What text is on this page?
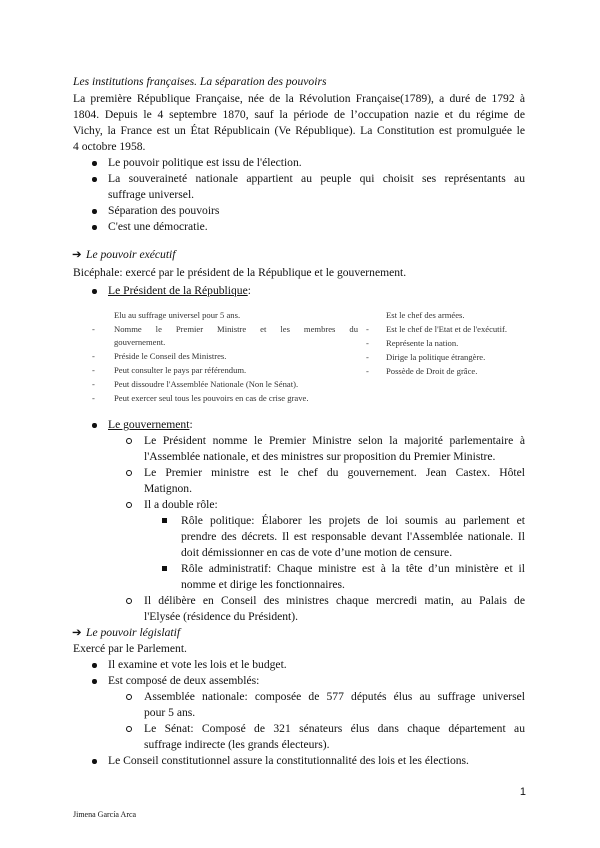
Les institutions françaises. La séparation des pouvoirs
La première République Française, née de la Révolution Française(1789), a duré de 1792 à
1804. Depuis le 4 septembre 1870, sauf la période de l’occupation nazie et du régime de
Vichy, la France est un État Républicain (Ve République). La Constitution est promulguée le
4 octobre 1958.
Le pouvoir politique est issu de l'élection.
La souveraineté nationale appartient au peuple qui choisit ses représentants au
suffrage universel.
Séparation des pouvoirs
C'est une démocratie.
➔ Le pouvoir exécutif
Bicéphale: exercé par le président de la République et le gouvernement.
Le Président de la République:
Elu au suffrage universel pour 5 ans.
- Nomme le Premier Ministre et les membres du
gouvernement.
- Préside le Conseil des Ministres.
- Peut consulter le pays par référendum.
- Peut dissoudre l'Assemblée Nationale (Non le Sénat).
- Peut exercer seul tous les pouvoirs en cas de crise grave.
Est le chef des armées.
- Est le chef de l'Etat et de l'exécutif.
- Représente la nation.
- Dirige la politique étrangère.
- Possède de Droit de grâce.
Le gouvernement:
Le Président nomme le Premier Ministre selon la majorité parlementaire à
l'Assemblée nationale, et des ministres sur proposition du Premier Ministre.
Le Premier ministre est le chef du gouvernement. Jean Castex. Hôtel
Matignon.
Il a double rôle:
Rôle politique: Élaborer les projets de loi soumis au parlement et
prendre des décrets. Il est responsable devant l'Assemblée nationale. Il
doit démissionner en cas de vote d’une motion de censure.
Rôle administratif: Chaque ministre est à la tête d’un ministère et il
nomme et dirige les fonctionnaires.
Il délibère en Conseil des ministres chaque mercredi matin, au Palais de
l'Elysée (résidence du Président).
➔ Le pouvoir législatif
Exercé par le Parlement.
Il examine et vote les lois et le budget.
Est composé de deux assemblés:
Assemblée nationale: composée de 577 députés élus au suffrage universel
pour 5 ans.
Le Sénat: Composé de 321 sénateurs élus dans chaque département au
suffrage indirecte (les grands électeurs).
Le Conseil constitutionnel assure la constitutionnalité des lois et les élections.
1
Jimena García Arca
